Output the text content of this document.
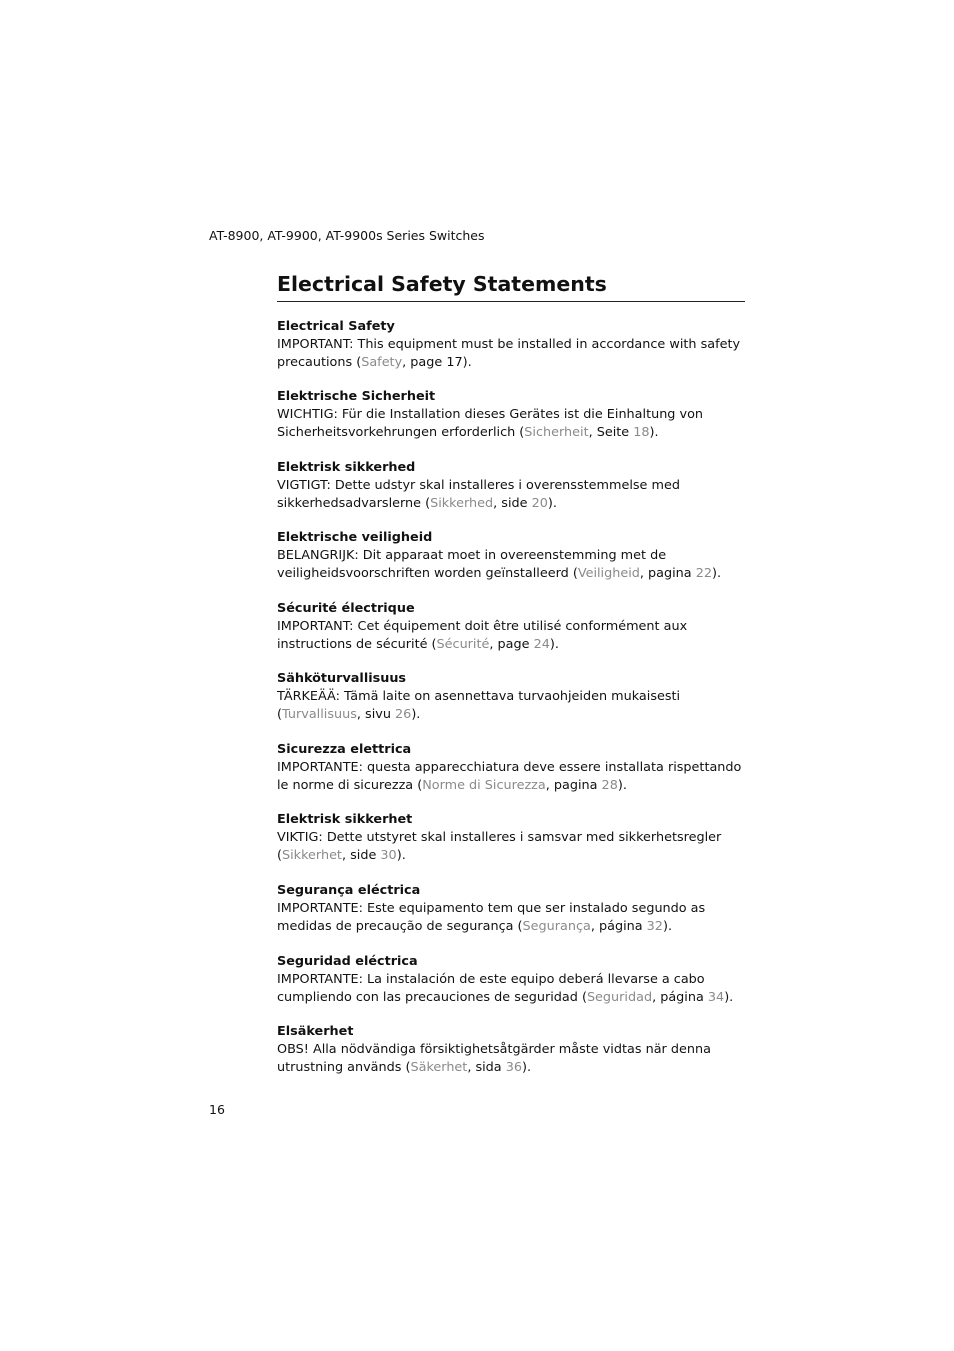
AT-8900, AT-9900, AT-9900s Series Switches
Electrical Safety Statements
Electrical Safety
IMPORTANT: This equipment must be installed in accordance with safety precautions (Safety, page 17).
Elektrische Sicherheit
WICHTIG: Für die Installation dieses Gerätes ist die Einhaltung von Sicherheitsvorkehrungen erforderlich (Sicherheit, Seite 18).
Elektrisk sikkerhed
VIGTIGT: Dette udstyr skal installeres i overensstemmelse med sikkerhedsadvarslerne (Sikkerhed, side 20).
Elektrische veiligheid
BELANGRIJK: Dit apparaat moet in overeenstemming met de veiligheidsvoorschriften worden geïnstalleerd (Veiligheid, pagina 22).
Sécurité électrique
IMPORTANT: Cet équipement doit être utilisé conformément aux instructions de sécurité (Sécurité, page 24).
Sähköturvallisuus
TÄRKEÄÄ: Tämä laite on asennettava turvaohjeiden mukaisesti (Turvallisuus, sivu 26).
Sicurezza elettrica
IMPORTANTE: questa apparecchiatura deve essere installata rispettando le norme di sicurezza (Norme di Sicurezza, pagina 28).
Elektrisk sikkerhet
VIKTIG: Dette utstyret skal installeres i samsvar med sikkerhetsregler (Sikkerhet, side 30).
Segurança eléctrica
IMPORTANTE: Este equipamento tem que ser instalado segundo as medidas de precaução de segurança (Segurança, página 32).
Seguridad eléctrica
IMPORTANTE: La instalación de este equipo deberá llevarse a cabo cumpliendo con las precauciones de seguridad (Seguridad, página 34).
Elsäkerhet
OBS! Alla nödvändiga försiktighetsåtgärder måste vidtas när denna utrustning används (Säkerhet, sida 36).
16
